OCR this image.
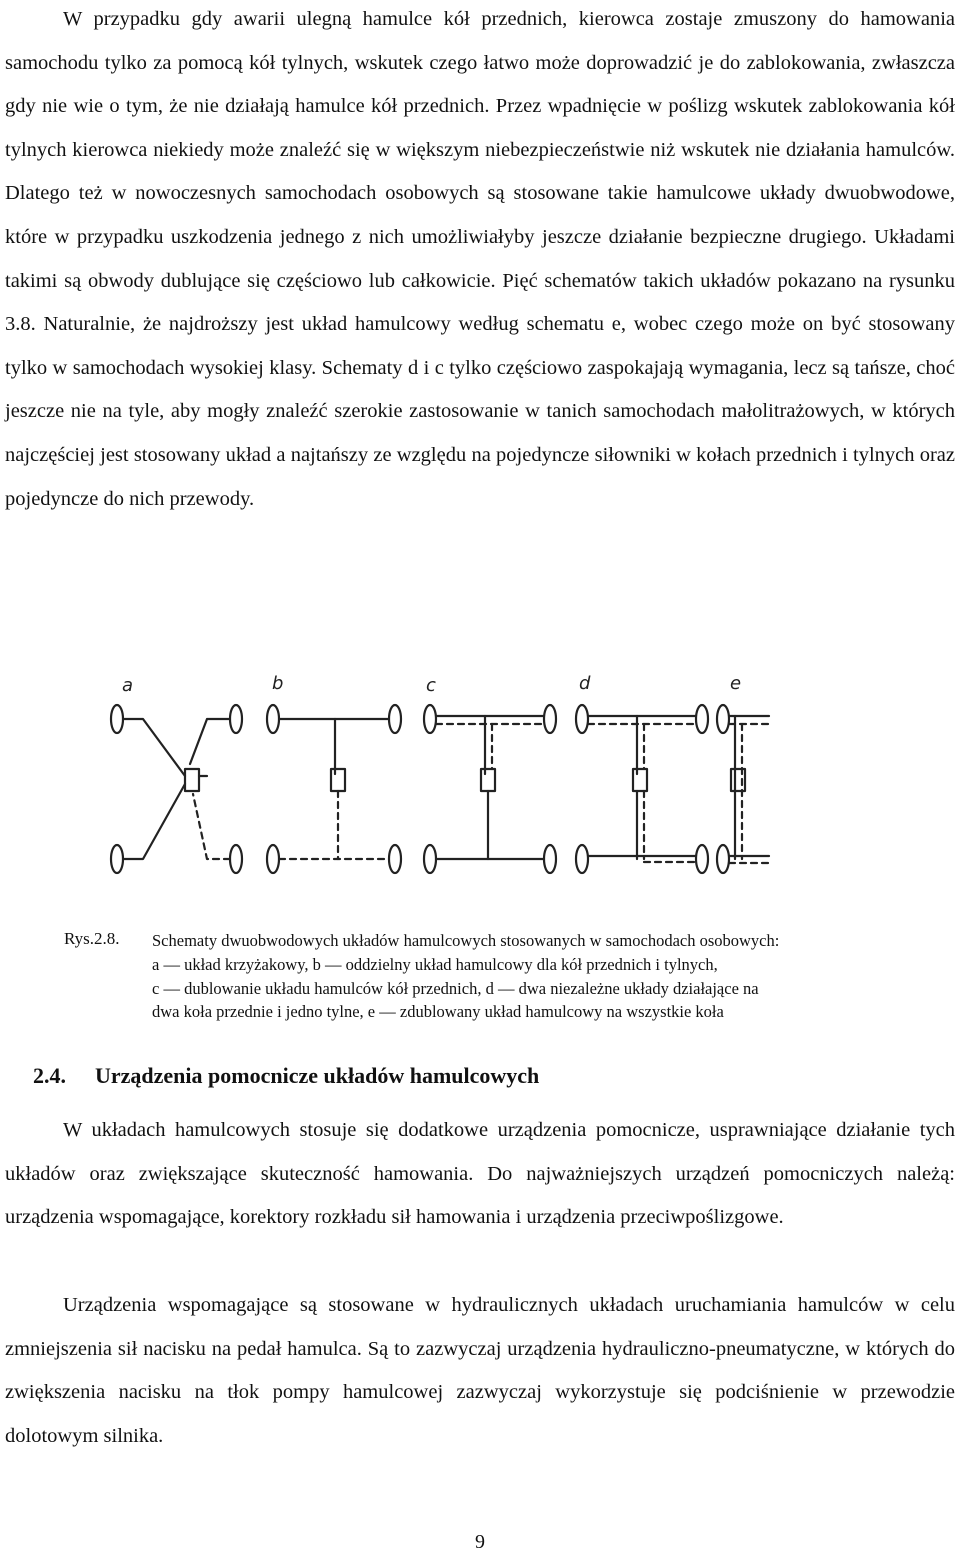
W przypadku gdy awarii ulegną hamulce kół przednich, kierowca zostaje zmuszony do hamowania samochodu tylko za pomocą kół tylnych, wskutek czego łatwo może doprowadzić je do zablokowania, zwłaszcza gdy nie wie o tym, że nie działają hamulce kół przednich. Przez wpadnięcie w poślizg wskutek zablokowania kół tylnych kierowca niekiedy może znaleźć się w większym niebezpieczeństwie niż wskutek nie działania hamulców. Dlatego też w nowoczesnych samochodach osobowych są stosowane takie hamulcowe układy dwuobwodowe, które w przypadku uszkodzenia jednego z nich umożliwiałyby jeszcze działanie bezpieczne drugiego. Układami takimi są obwody dublujące się częściowo lub całkowicie. Pięć schematów takich układów pokazano na rysunku 3.8. Naturalnie, że najdroższy jest układ hamulcowy według schematu e, wobec czego może on być stosowany tylko w samochodach wysokiej klasy. Schematy d i c tylko częściowo zaspokajają wymagania, lecz są tańsze, choć jeszcze nie na tyle, aby mogły znaleźć szerokie zastosowanie w tanich samochodach małolitrażowych, w których najczęściej jest stosowany układ a najtańszy ze względu na pojedyncze siłowniki w kołach przednich i tylnych oraz pojedyncze do nich przewody.

a	b	c	d	e
Rys.2.8. Schematy dwuobwodowych układów hamulcowych stosowanych w samochodach osobowych:
a — układ krzyżakowy, b — oddzielny układ hamulcowy dla kół przednich i tylnych,
c — dublowanie układu hamulców kół przednich, d — dwa niezależne układy działające na
dwa koła przednie i jedno tylne, e — zdublowany układ hamulcowy na wszystkie koła
2.4. Urządzenia pomocnicze układów hamulcowych

W układach hamulcowych stosuje się dodatkowe urządzenia pomocnicze, usprawniające działanie tych układów oraz zwiększające skuteczność hamowania. Do najważniejszych urządzeń pomocniczych należą: urządzenia wspomagające, korektory rozkładu sił hamowania i urządzenia przeciwpoślizgowe.

Urządzenia wspomagające są stosowane w hydraulicznych układach uruchamiania hamulców w celu zmniejszenia sił nacisku na pedał hamulca. Są to zazwyczaj urządzenia hydrauliczno-pneumatyczne, w których do zwiększenia nacisku na tłok pompy hamulcowej zazwyczaj wykorzystuje się podciśnienie w przewodzie dolotowym silnika.

9
